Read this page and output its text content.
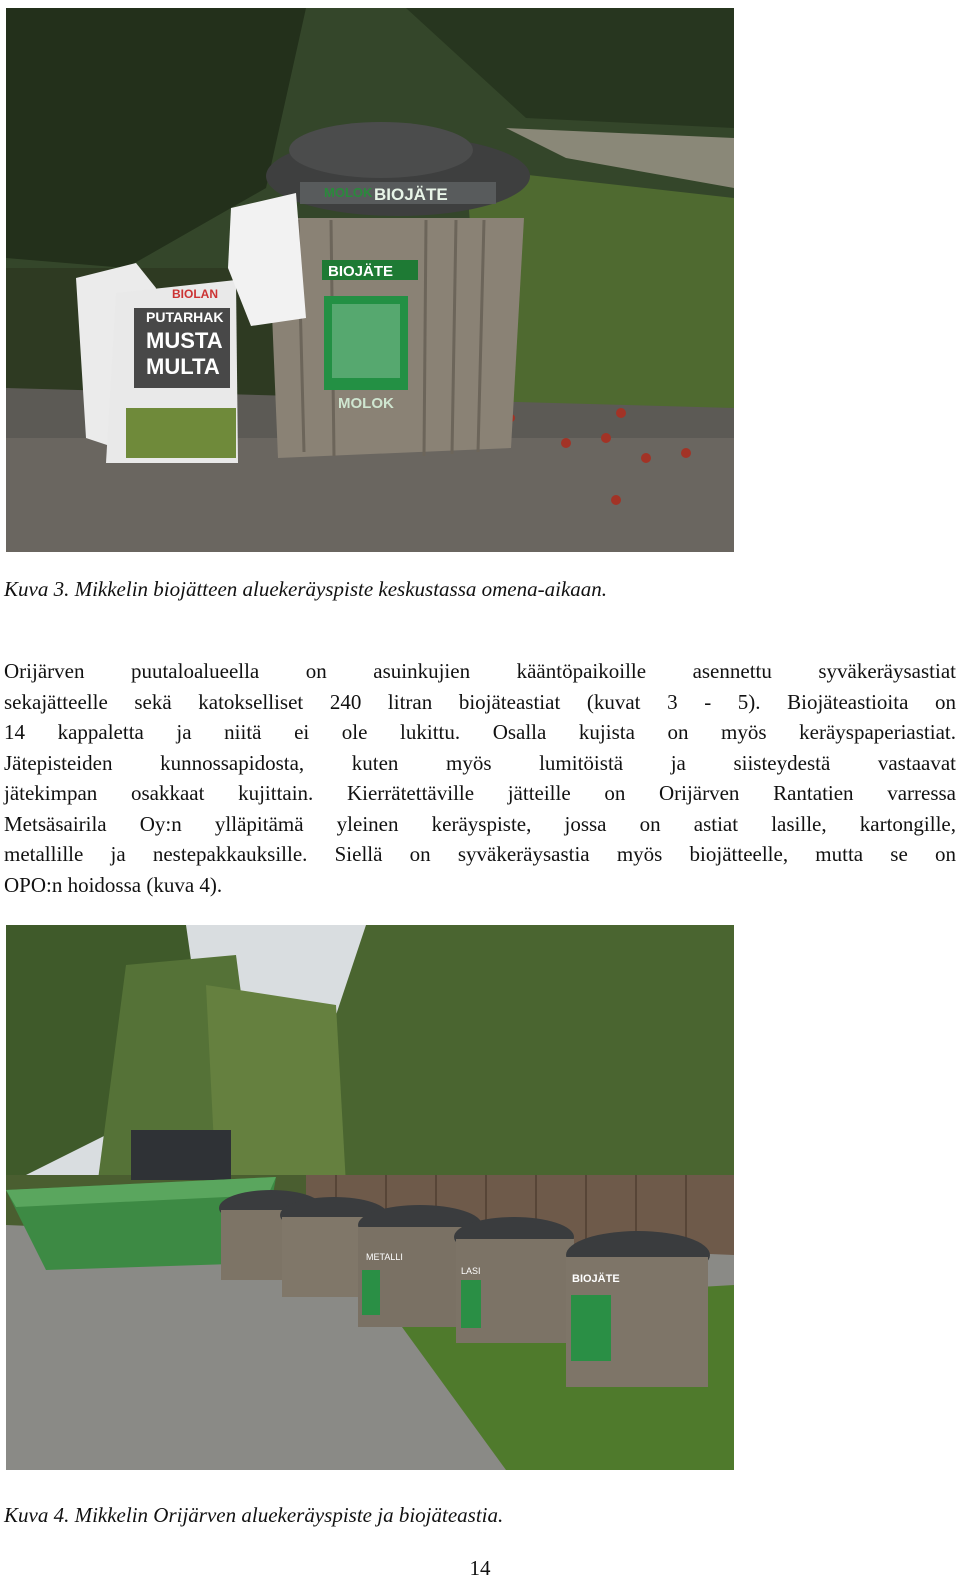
MOLOK BIOJÄTE
BIOJÄTE
MOLOK
BIOLAN
PUTARHAK
MUSTA
MULTA
Kuva 3. Mikkelin biojätteen aluekeräyspiste keskustassa omena-aikaan.
Orijärven puutaloalueella on asuinkujien kääntöpaikoille asennettu syväkeräysastiat
sekajätteelle sekä katokselliset 240 litran biojäteastiat (kuvat 3 - 5). Biojäteastioita on
14 kappaletta ja niitä ei ole lukittu. Osalla kujista on myös keräyspaperiastiat.
Jätepisteiden kunnossapidosta, kuten myös lumitöistä ja siisteydestä vastaavat
jätekimpan osakkaat kujittain. Kierrätettäville jätteille on Orijärven Rantatien varressa
Metsäsairila Oy:n ylläpitämä yleinen keräyspiste, jossa on astiat lasille, kartongille,
metallille ja nestepakkauksille. Siellä on syväkeräysastia myös biojätteelle, mutta se on
OPO:n hoidossa (kuva 4).
METALLI
LASI
BIOJÄTE
Kuva 4. Mikkelin Orijärven aluekeräyspiste ja biojäteastia.
14
